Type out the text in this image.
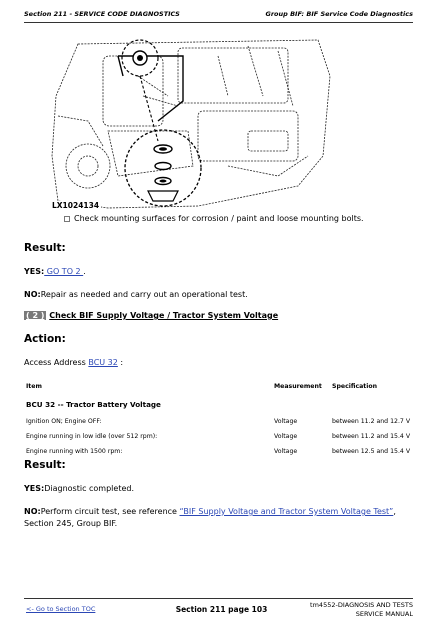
Section 211 - SERVICE CODE DIAGNOSTICS	Group BIF: BIF Service Code Diagnostics
LX1024134
Check mounting surfaces for corrosion / paint and loose mounting bolts.
Result:
YES: GO TO 2 .
NO:Repair as needed and carry out an operational test.
( 2 ) Check BIF Supply Voltage / Tractor System Voltage
Action:
Access Address BCU 32 :
Item	Measurement	Specification
BCU 32 -- Tractor Battery Voltage		
Ignition ON; Engine OFF:	Voltage	between 11.2 and 12.7 V
Engine running in low idle (over 512 rpm):	Voltage	between 11.2 and 15.4 V
Engine running with 1500 rpm:	Voltage	between 12.5 and 15.4 V
Result:
YES:Diagnostic completed.
NO:Perform circuit test, see reference “BIF Supply Voltage and Tractor System Voltage Test”, Section 245, Group BIF.
<- Go to Section TOC	Section 211 page 103	tm4552-DIAGNOSIS AND TESTS
SERVICE MANUAL
